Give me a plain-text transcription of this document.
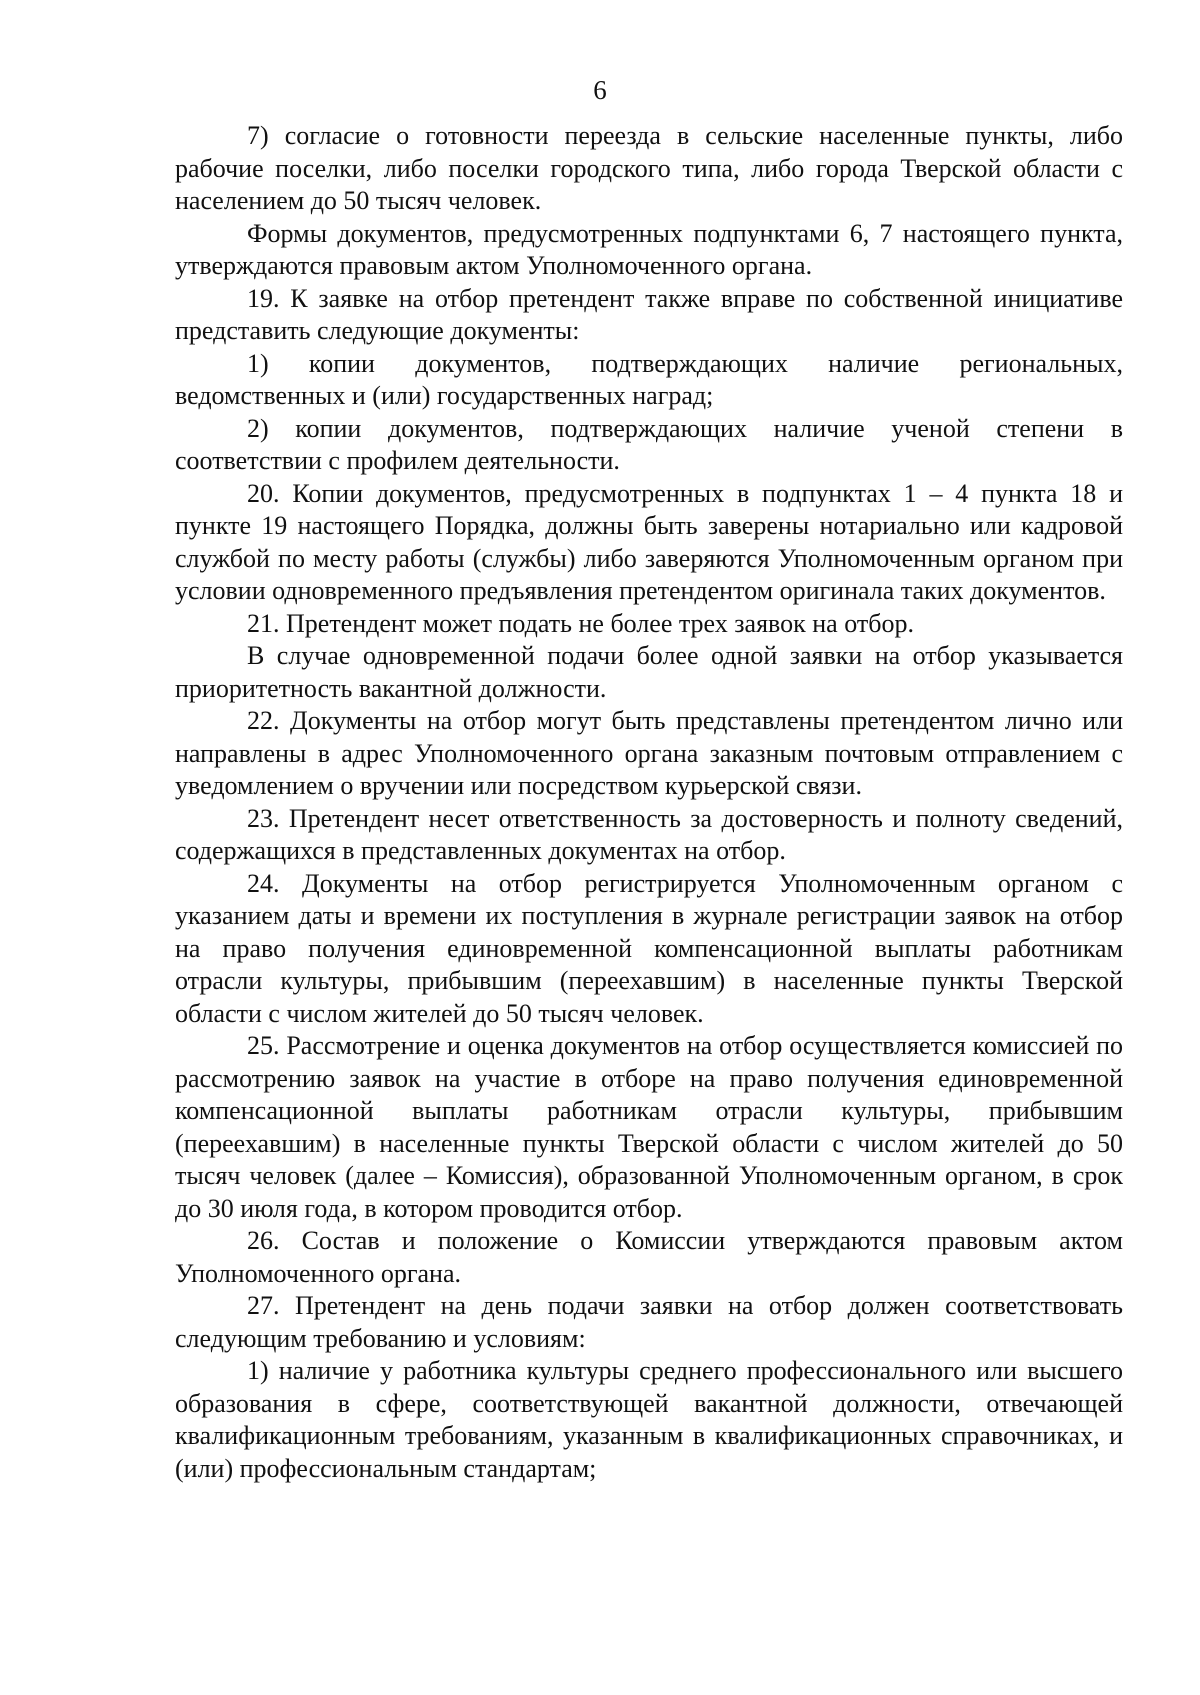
6

7) согласие о готовности переезда в сельские населенные пункты, либо рабочие поселки, либо поселки городского типа, либо города Тверской области с населением до 50 тысяч человек.

Формы документов, предусмотренных подпунктами 6, 7 настоящего пункта, утверждаются правовым актом Уполномоченного органа.

19. К заявке на отбор претендент также вправе по собственной инициативе представить следующие документы:

1) копии документов, подтверждающих наличие региональных, ведомственных и (или) государственных наград;

2) копии документов, подтверждающих наличие ученой степени в соответствии с профилем деятельности.

20. Копии документов, предусмотренных в подпунктах 1 – 4 пункта 18 и пункте 19 настоящего Порядка, должны быть заверены нотариально или кадровой службой по месту работы (службы) либо заверяются Уполномоченным органом при условии одновременного предъявления претендентом оригинала таких документов.

21. Претендент может подать не более трех заявок на отбор.

В случае одновременной подачи более одной заявки на отбор указывается приоритетность вакантной должности.

22. Документы на отбор могут быть представлены претендентом лично или направлены в адрес Уполномоченного органа заказным почтовым отправлением с уведомлением о вручении или посредством курьерской связи.

23. Претендент несет ответственность за достоверность и полноту сведений, содержащихся в представленных документах на отбор.

24. Документы на отбор регистрируется Уполномоченным органом с указанием даты и времени их поступления в журнале регистрации заявок на отбор на право получения единовременной компенсационной выплаты работникам отрасли культуры, прибывшим (переехавшим) в населенные пункты Тверской области с числом жителей до 50 тысяч человек.

25. Рассмотрение и оценка документов на отбор осуществляется комиссией по рассмотрению заявок на участие в отборе на право получения единовременной компенсационной выплаты работникам отрасли культуры, прибывшим (переехавшим) в населенные пункты Тверской области с числом жителей до 50 тысяч человек (далее – Комиссия), образованной Уполномоченным органом, в срок до 30 июля года, в котором проводится отбор.

26. Состав и положение о Комиссии утверждаются правовым актом Уполномоченного органа.

27. Претендент на день подачи заявки на отбор должен соответствовать следующим требованию и условиям:

1) наличие у работника культуры среднего профессионального или высшего образования в сфере, соответствующей вакантной должности, отвечающей квалификационным требованиям, указанным в квалификационных справочниках, и (или) профессиональным стандартам;
